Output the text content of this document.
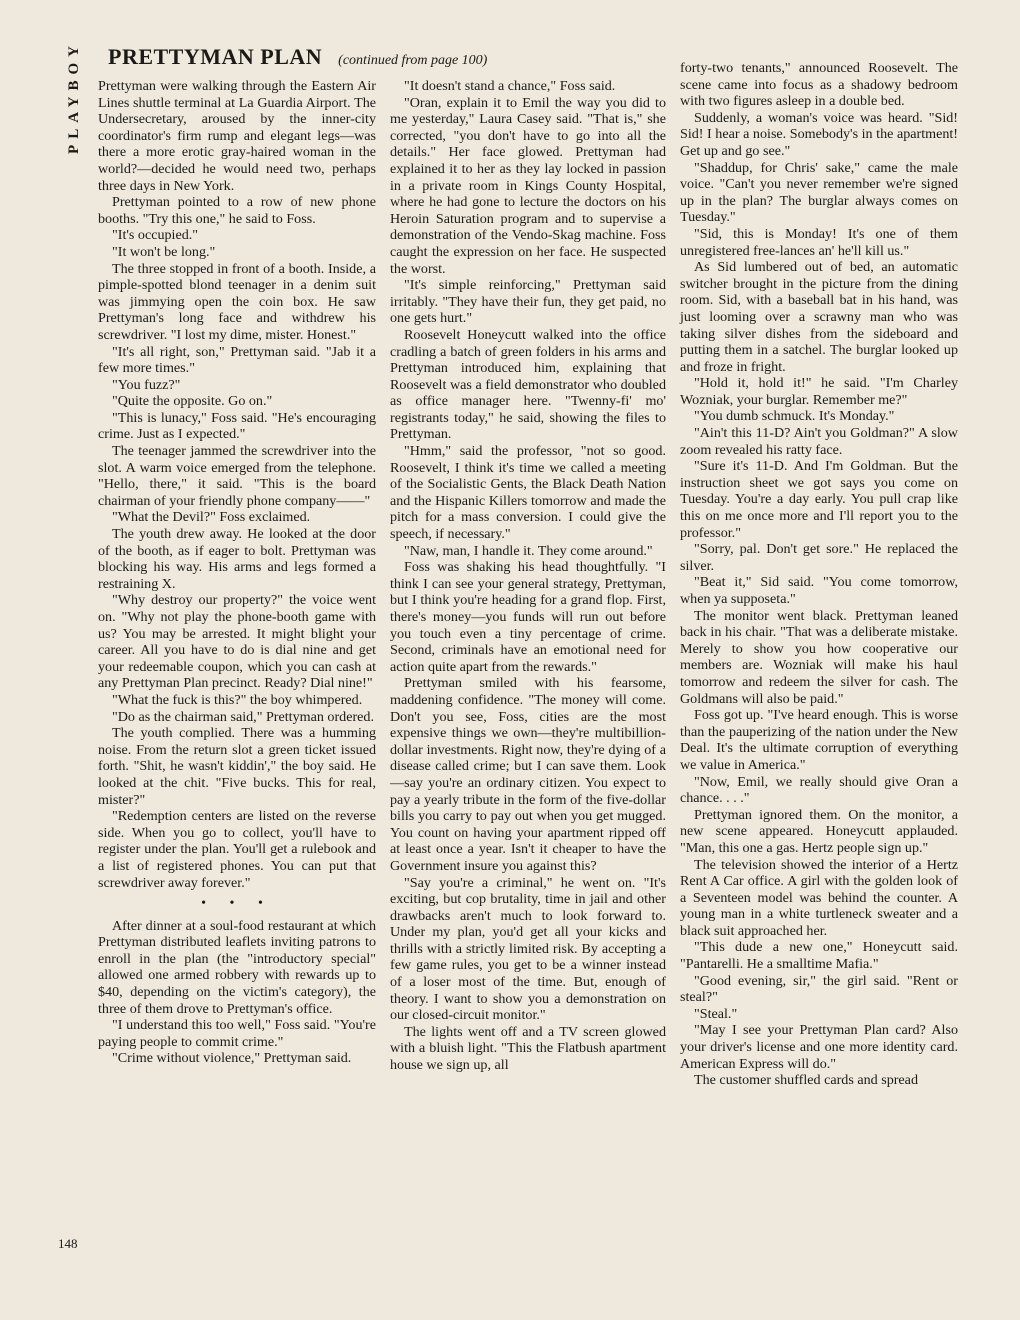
PLAYBOY PRETTYMAN PLAN (continued from page 100)

Prettyman were walking through the Eastern Air Lines shuttle terminal at La Guardia Airport. The Undersecretary, aroused by the inner-city coordinator's firm rump and elegant legs—was there a more erotic gray-haired woman in the world?—decided he would need two, perhaps three days in New York.

Prettyman pointed to a row of new phone booths. "Try this one," he said to Foss.

"It's occupied."

"It won't be long."

The three stopped in front of a booth. Inside, a pimple-spotted blond teenager in a denim suit was jimmying open the coin box. He saw Prettyman's long face and withdrew his screwdriver. "I lost my dime, mister. Honest."

"It's all right, son," Prettyman said. "Jab it a few more times."

"You fuzz?"

"Quite the opposite. Go on."

"This is lunacy," Foss said. "He's encouraging crime. Just as I expected."

The teenager jammed the screwdriver into the slot. A warm voice emerged from the telephone. "Hello, there," it said. "This is the board chairman of your friendly phone company——"

"What the Devil?" Foss exclaimed.

The youth drew away. He looked at the door of the booth, as if eager to bolt. Prettyman was blocking his way. His arms and legs formed a restraining X.

"Why destroy our property?" the voice went on. "Why not play the phone-booth game with us? You may be arrested. It might blight your career. All you have to do is dial nine and get your redeemable coupon, which you can cash at any Prettyman Plan precinct. Ready? Dial nine!"

"What the fuck is this?" the boy whimpered.

"Do as the chairman said," Prettyman ordered.

The youth complied. There was a humming noise. From the return slot a green ticket issued forth. "Shit, he wasn't kiddin'," the boy said. He looked at the chit. "Five bucks. This for real, mister?"

"Redemption centers are listed on the reverse side. When you go to collect, you'll have to register under the plan. You'll get a rulebook and a list of registered phones. You can put that screwdriver away forever."

• • •

After dinner at a soul-food restaurant at which Prettyman distributed leaflets inviting patrons to enroll in the plan (the "introductory special" allowed one armed robbery with rewards up to $40, depending on the victim's category), the three of them drove to Prettyman's office.

"I understand this too well," Foss said. "You're paying people to commit crime."

"Crime without violence," Prettyman said.

"It doesn't stand a chance," Foss said.

"Oran, explain it to Emil the way you did to me yesterday," Laura Casey said. "That is," she corrected, "you don't have to go into all the details." Her face glowed. Prettyman had explained it to her as they lay locked in passion in a private room in Kings County Hospital, where he had gone to lecture the doctors on his Heroin Saturation program and to supervise a demonstration of the Vendo-Skag machine. Foss caught the expression on her face. He suspected the worst.

"It's simple reinforcing," Prettyman said irritably. "They have their fun, they get paid, no one gets hurt."

Roosevelt Honeycutt walked into the office cradling a batch of green folders in his arms and Prettyman introduced him, explaining that Roosevelt was a field demonstrator who doubled as office manager here. "Twenny-fi' mo' registrants today," he said, showing the files to Prettyman.

"Hmm," said the professor, "not so good. Roosevelt, I think it's time we called a meeting of the Socialistic Gents, the Black Death Nation and the Hispanic Killers tomorrow and made the pitch for a mass conversion. I could give the speech, if necessary."

"Naw, man, I handle it. They come around."

Foss was shaking his head thoughtfully. "I think I can see your general strategy, Prettyman, but I think you're heading for a grand flop. First, there's money—you funds will run out before you touch even a tiny percentage of crime. Second, criminals have an emotional need for action quite apart from the rewards."

Prettyman smiled with his fearsome, maddening confidence. "The money will come. Don't you see, Foss, cities are the most expensive things we own—they're multibillion-dollar investments. Right now, they're dying of a disease called crime; but I can save them. Look—say you're an ordinary citizen. You expect to pay a yearly tribute in the form of the five-dollar bills you carry to pay out when you get mugged. You count on having your apartment ripped off at least once a year. Isn't it cheaper to have the Government insure you against this?

"Say you're a criminal," he went on. "It's exciting, but cop brutality, time in jail and other drawbacks aren't much to look forward to. Under my plan, you'd get all your kicks and thrills with a strictly limited risk. By accepting a few game rules, you get to be a winner instead of a loser most of the time. But, enough of theory. I want to show you a demonstration on our closed-circuit monitor."

The lights went off and a TV screen glowed with a bluish light. "This the Flatbush apartment house we sign up, all

forty-two tenants," announced Roosevelt. The scene came into focus as a shadowy bedroom with two figures asleep in a double bed.

Suddenly, a woman's voice was heard. "Sid! Sid! I hear a noise. Somebody's in the apartment! Get up and go see."

"Shaddup, for Chris' sake," came the male voice. "Can't you never remember we're signed up in the plan? The burglar always comes on Tuesday."

"Sid, this is Monday! It's one of them unregistered free-lances an' he'll kill us."

As Sid lumbered out of bed, an automatic switcher brought in the picture from the dining room. Sid, with a baseball bat in his hand, was just looming over a scrawny man who was taking silver dishes from the sideboard and putting them in a satchel. The burglar looked up and froze in fright.

"Hold it, hold it!" he said. "I'm Charley Wozniak, your burglar. Remember me?"

"You dumb schmuck. It's Monday."

"Ain't this 11-D? Ain't you Goldman?" A slow zoom revealed his ratty face.

"Sure it's 11-D. And I'm Goldman. But the instruction sheet we got says you come on Tuesday. You're a day early. You pull crap like this on me once more and I'll report you to the professor."

"Sorry, pal. Don't get sore." He replaced the silver.

"Beat it," Sid said. "You come tomorrow, when ya supposeta."

The monitor went black. Prettyman leaned back in his chair. "That was a deliberate mistake. Merely to show you how cooperative our members are. Wozniak will make his haul tomorrow and redeem the silver for cash. The Goldmans will also be paid."

Foss got up. "I've heard enough. This is worse than the pauperizing of the nation under the New Deal. It's the ultimate corruption of everything we value in America."

"Now, Emil, we really should give Oran a chance. . . ."

Prettyman ignored them. On the monitor, a new scene appeared. Honeycutt applauded. "Man, this one a gas. Hertz people sign up."

The television showed the interior of a Hertz Rent A Car office. A girl with the golden look of a Seventeen model was behind the counter. A young man in a white turtleneck sweater and a black suit approached her.

"This dude a new one," Honeycutt said. "Pantarelli. He a smalltime Mafia."

"Good evening, sir," the girl said. "Rent or steal?"

"Steal."

"May I see your Prettyman Plan card? Also your driver's license and one more identity card. American Express will do."

The customer shuffled cards and spread

148
